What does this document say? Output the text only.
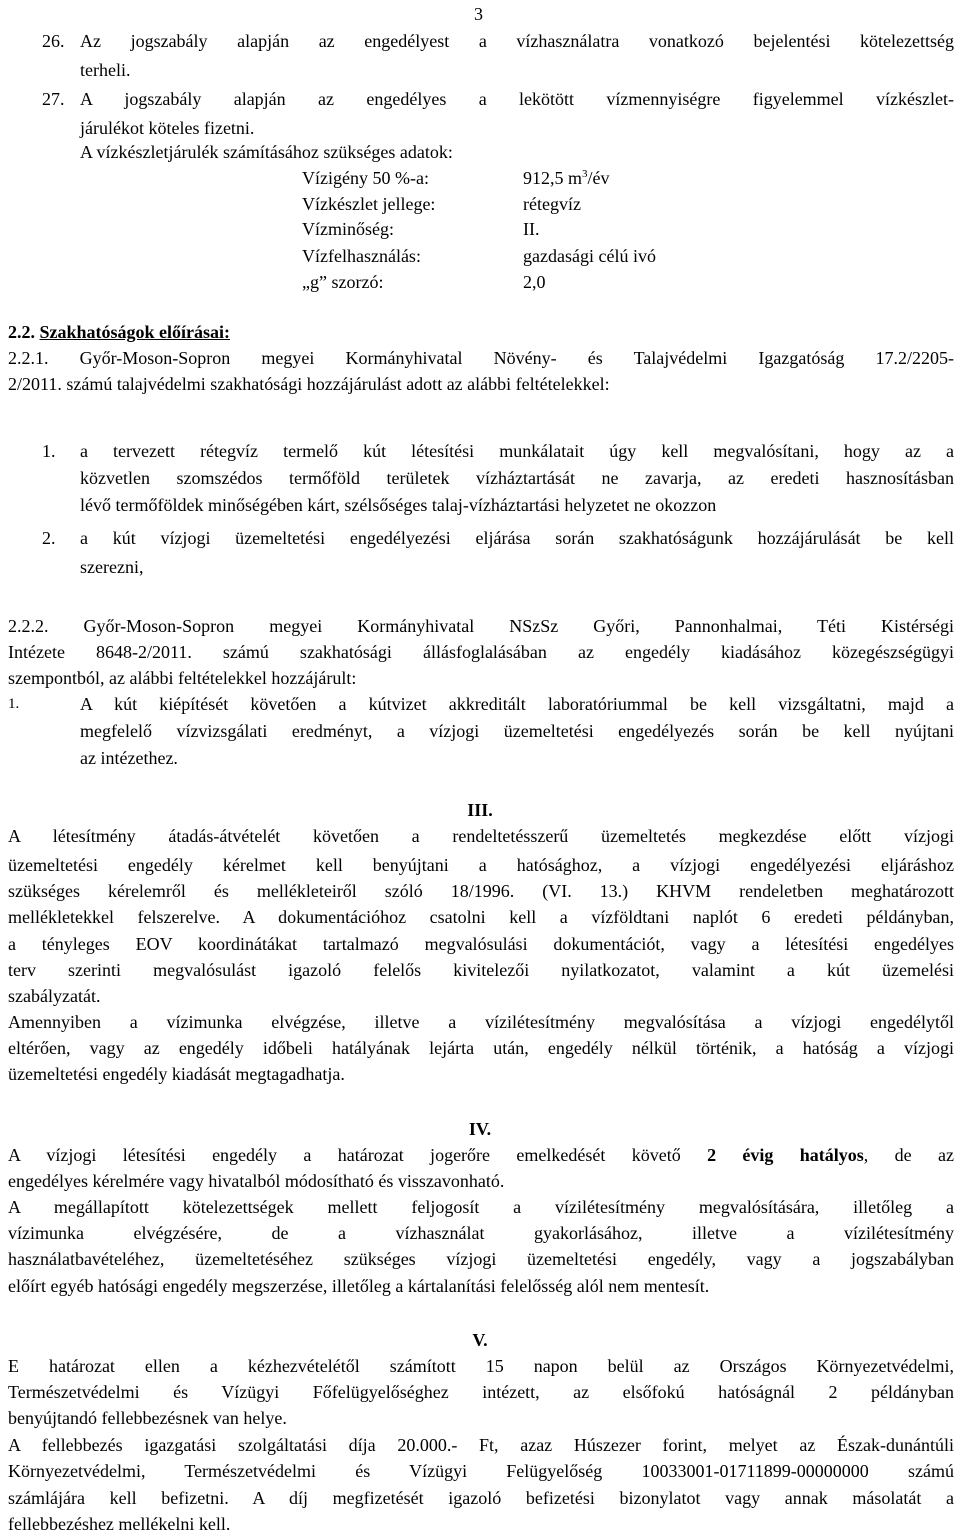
3
26. Az jogszabály alapján az engedélyest a vízhasználatra vonatkozó bejelentési kötelezettség
terheli.
27. A jogszabály alapján az engedélyes a lekötött vízmennyiségre figyelemmel vízkészlet-
járulékot köteles fizetni.
A vízkészletjárulék számításához szükséges adatok:
Vízigény 50 %-a:	912,5 $m^3/év$
Vízkészlet jellege:	rétegvíz
Vízminőség:	II.
Vízfelhasználás:	gazdasági célú ivó
„g” szorzó:	2,0
2.2. Szakhatóságok előírásai:
2.2.1. Győr-Moson-Sopron megyei Kormányhivatal Növény- és Talajvédelmi Igazgatóság 17.2/2205-
2/2011. számú talajvédelmi szakhatósági hozzájárulást adott az alábbi feltételekkel:
1. a tervezett rétegvíz termelő kút létesítési munkálatait úgy kell megvalósítani, hogy az a
közvetlen szomszédos termőföld területek vízháztartását ne zavarja, az eredeti hasznosításban
lévő termőföldek minőségében kárt, szélsőséges talaj-vízháztartási helyzetet ne okozzon
2. a kút vízjogi üzemeltetési engedélyezési eljárása során szakhatóságunk hozzájárulását be kell
szerezni,
2.2.2. Győr-Moson-Sopron megyei Kormányhivatal NSzSz Győri, Pannonhalmai, Téti Kistérségi
Intézete 8648-2/2011. számú szakhatósági állásfoglalásában az engedély kiadásához közegészségügyi
szempontból, az alábbi feltételekkel hozzájárult:
1.	A kút kiépítését követően a kútvizet akkreditált laboratóriummal be kell vizsgáltatni, majd a
megfelelő vízvizsgálati eredményt, a vízjogi üzemeltetési engedélyezés során be kell nyújtani
az intézethez.
III.
A létesítmény átadás-átvételét követően a rendeltetésszerű üzemeltetés megkezdése előtt vízjogi
üzemeltetési engedély kérelmet kell benyújtani a hatósághoz, a vízjogi engedélyezési eljáráshoz
szükséges kérelemről és mellékleteiről szóló 18/1996. (VI. 13.) KHVM rendeletben meghatározott
mellékletekkel felszerelve. A dokumentációhoz csatolni kell a vízföldtani naplót 6 eredeti példányban,
a tényleges EOV koordinátákat tartalmazó megvalósulási dokumentációt, vagy a létesítési engedélyes
terv szerinti megvalósulást igazoló felelős kivitelezői nyilatkozatot, valamint a kút üzemelési
szabályzatát.
Amennyiben a vízimunka elvégzése, illetve a vízilétesítmény megvalósítása a vízjogi engedélytől
eltérően, vagy az engedély időbeli hatályának lejárta után, engedély nélkül történik, a hatóság a vízjogi
üzemeltetési engedély kiadását megtagadhatja.
IV.
A vízjogi létesítési engedély a határozat jogerőre emelkedését követő 2 évig hatályos, de az
engedélyes kérelmére vagy hivatalból módosítható és visszavonható.
A megállapított kötelezettségek mellett feljogosít a vízilétesítmény megvalósítására, illetőleg a
vízimunka elvégzésére, de a vízhasználat gyakorlásához, illetve a vízilétesítmény
használatbavételéhez, üzemeltetéséhez szükséges vízjogi üzemeltetési engedély, vagy a jogszabályban
előírt egyéb hatósági engedély megszerzése, illetőleg a kártalanítási felelősség alól nem mentesít.
V.
E határozat ellen a kézhezvételétől számított 15 napon belül az Országos Környezetvédelmi,
Természetvédelmi és Vízügyi Főfelügyelőséghez intézett, az elsőfokú hatóságnál 2 példányban
benyújtandó fellebbezésnek van helye.
A fellebbezés igazgatási szolgáltatási díja 20.000.- Ft, azaz Húszezer forint, melyet az Észak-dunántúli
Környezetvédelmi, Természetvédelmi és Vízügyi Felügyelőség 10033001-01711899-00000000 számú
számlájára kell befizetni. A díj megfizetését igazoló befizetési bizonylatot vagy annak másolatát a
fellebbezéshez mellékelni kell.
